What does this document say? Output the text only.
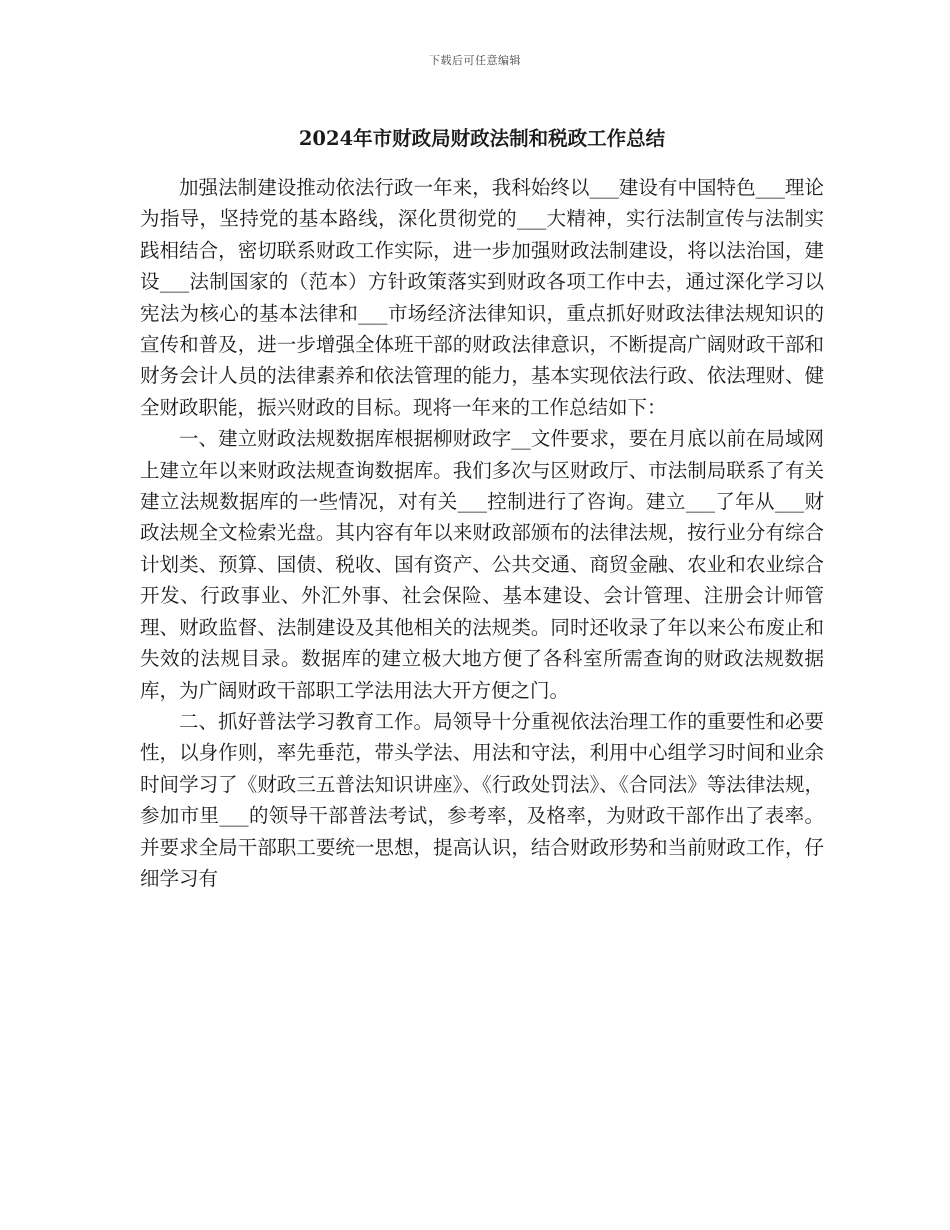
下载后可任意编辑
2024年市财政局财政法制和税政工作总结

加强法制建设推动依法行政一年来，我科始终以___建设有中国特色___理论为指导，坚持党的基本路线，深化贯彻党的___大精神，实行法制宣传与法制实践相结合，密切联系财政工作实际，进一步加强财政法制建设，将以法治国，建设___法制国家的（范本）方针政策落实到财政各项工作中去，通过深化学习以宪法为核心的基本法律和___市场经济法律知识，重点抓好财政法律法规知识的宣传和普及，进一步增强全体班干部的财政法律意识，不断提高广阔财政干部和财务会计人员的法律素养和依法管理的能力，基本实现依法行政、依法理财、健全财政职能，振兴财政的目标。现将一年来的工作总结如下：

一、建立财政法规数据库根据柳财政字__文件要求，要在月底以前在局域网上建立年以来财政法规查询数据库。我们多次与区财政厅、市法制局联系了有关建立法规数据库的一些情况，对有关___控制进行了咨询。建立___了年从___财政法规全文检索光盘。其内容有年以来财政部颁布的法律法规，按行业分有综合计划类、预算、国债、税收、国有资产、公共交通、商贸金融、农业和农业综合开发、行政事业、外汇外事、社会保险、基本建设、会计管理、注册会计师管理、财政监督、法制建设及其他相关的法规类。同时还收录了年以来公布废止和失效的法规目录。数据库的建立极大地方便了各科室所需查询的财政法规数据库，为广阔财政干部职工学法用法大开方便之门。

二、抓好普法学习教育工作。局领导十分重视依法治理工作的重要性和必要性，以身作则，率先垂范，带头学法、用法和守法，利用中心组学习时间和业余时间学习了《财政三五普法知识讲座》、《行政处罚法》、《合同法》等法律法规，参加市里___的领导干部普法考试，参考率，及格率，为财政干部作出了表率。并要求全局干部职工要统一思想，提高认识，结合财政形势和当前财政工作，仔细学习有
